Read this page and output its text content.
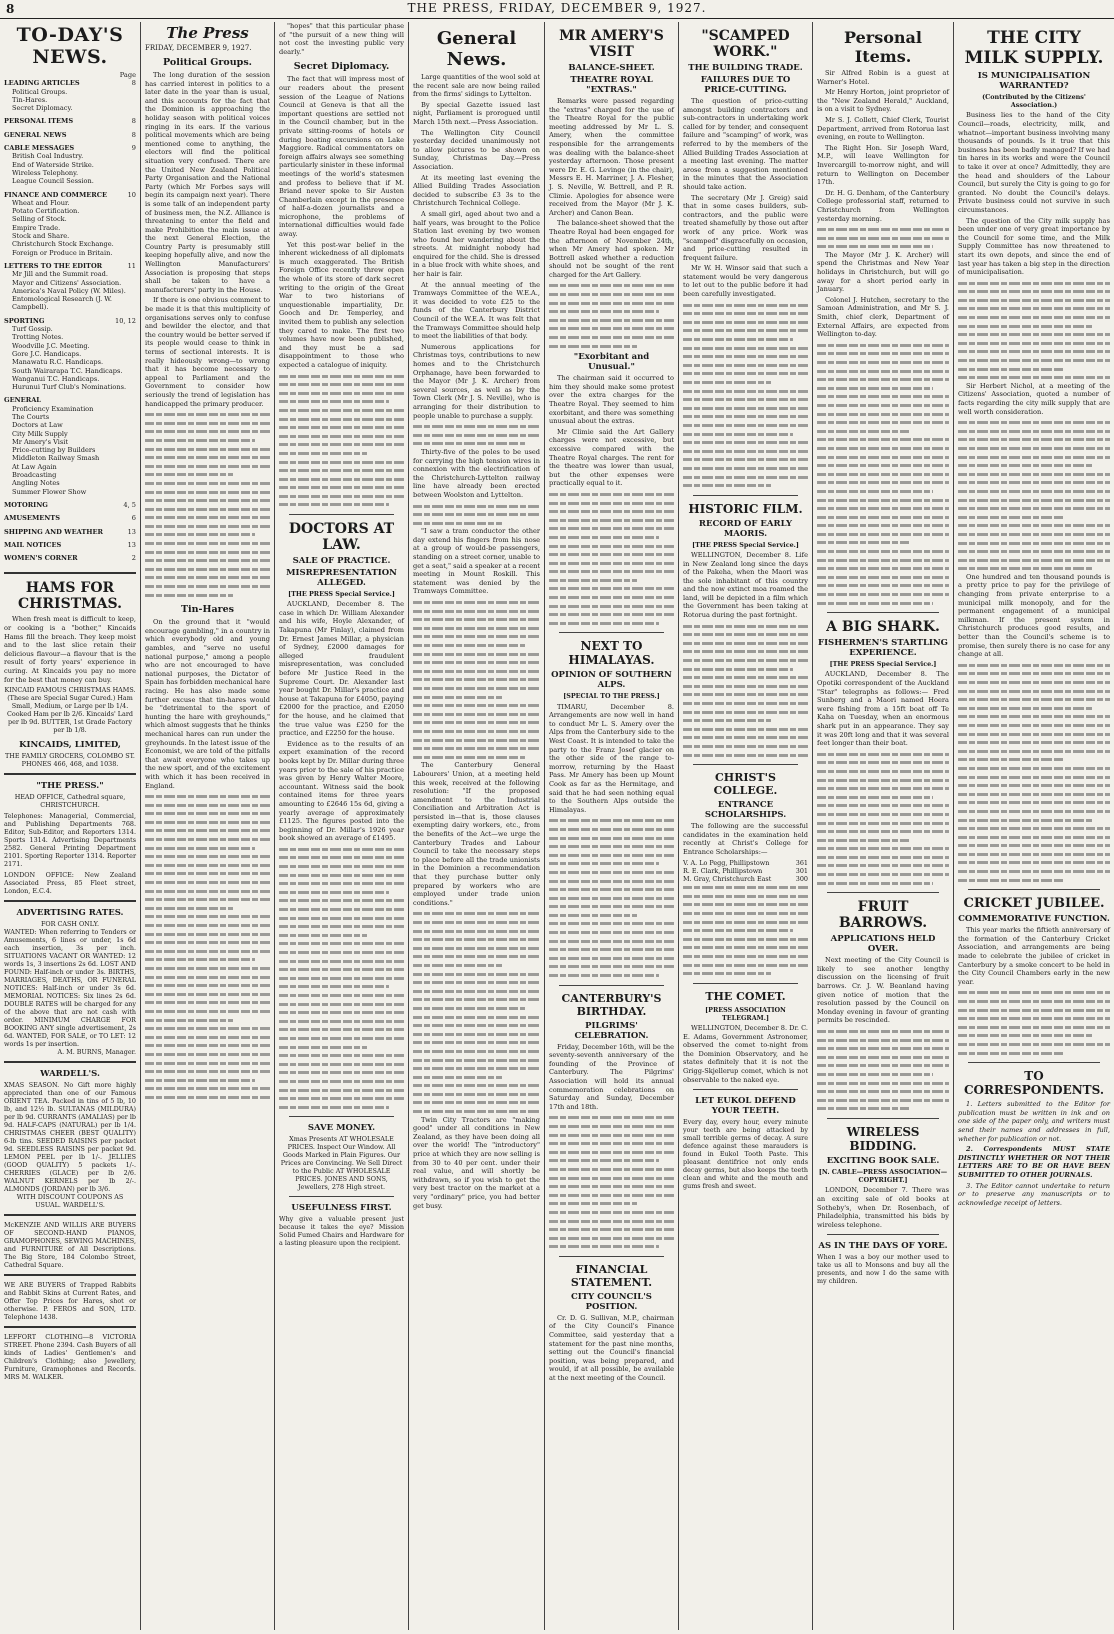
8	THE PRESS, FRIDAY, DECEMBER 9, 1927.
TO-DAY'S NEWS.
Page
LEADING ARTICLES	8
Political Groups.
Tin-Hares.
Secret Diplomacy.
PERSONAL ITEMS	8
GENERAL NEWS	8
CABLE MESSAGES	9
British Coal Industry.
End of Waterside Strike.
Wireless Telephony.
League Council Session.
FINANCE AND COMMERCE	10
Wheat and Flour.
Potato Certification.
Selling of Stock.
Empire Trade.
Stock and Share.
Christchurch Stock Exchange.
Foreign or Produce in Britain.
LETTERS TO THE EDITOR	11
Mr Jill and the Summit road.
Mayor and Citizens' Association.
America's Naval Policy (W. Miles).
Entomological Research (J. W. Campbell).
SPORTING	10, 12
Turf Gossip.
Trotting Notes.
Woodville J.C. Meeting.
Gore J.C. Handicaps.
Manawatu R.C. Handicaps.
South Wairarapa T.C. Handicaps.
Wanganui T.C. Handicaps.
Hurunui Turf Club's Nominations.
GENERAL
Proficiency Examination
The Courts
Doctors at Law
City Milk Supply
Mr Amery's Visit
Price-cutting by Builders
Middleton Railway Smash
At Law Again
Broadcasting
Angling Notes
Summer Flower Show
MOTORING	4, 5
AMUSEMENTS	6
SHIPPING AND WEATHER	13
MAIL NOTICES	13
WOMEN'S CORNER	2
HAMS FOR CHRISTMAS.
When fresh meat is difficult to keep, or cooking is a "bother," Kincaids Hams fill the breach. They keep moist and to the last slice retain their delicious flavour—a flavour that is the result of forty years' experience in curing. At Kincaids you pay no more for the best that money can buy.
KINCAID FAMOUS CHRISTMAS HAMS. (These are Special Sugar Cured.) Ham Small, Medium, or Large per lb 1/4. Cooked Ham per lb 2/6. Kincaids' Lard per lb 9d. BUTTER, 1st Grade Factory per lb 1/8.
KINCAIDS, LIMITED,
THE FAMILY GROCERS, COLOMBO ST. PHONES 466, 468, and 1038.
"THE PRESS."
HEAD OFFICE, Cathedral square, CHRISTCHURCH.
Telephones: Managerial, Commercial, and Publishing Departments 768. Editor, Sub-Editor, and Reporters 1314. Sports 1314. Advertising Departments 2582. General Printing Department 2101. Sporting Reporter 1314. Reporter 2171.
LONDON OFFICE: New Zealand Associated Press, 85 Fleet street, London, E.C.4.
ADVERTISING RATES.
FOR CASH ONLY.
WANTED: When referring to Tenders or Amusements, 6 lines or under, 1s 6d each insertion, 3s per inch. SITUATIONS VACANT OR WANTED: 12 words 1s, 3 insertions 2s 6d. LOST AND FOUND: Half-inch or under 3s. BIRTHS, MARRIAGES, DEATHS, OR FUNERAL NOTICES: Half-inch or under 3s 6d. MEMORIAL NOTICES: Six lines 2s 6d. DOUBLE RATES will be charged for any of the above that are not cash with order. MINIMUM CHARGE FOR BOOKING ANY single advertisement, 2s 6d. WANTED, FOR SALE, or TO LET: 12 words 1s per insertion.
A. M. BURNS, Manager.
WARDELL'S.
XMAS SEASON. No Gift more highly appreciated than one of our Famous ORIENT TEA. Packed in tins of 5 lb, 10 lb, and 12½ lb. SULTANAS (MILDURA) per lb 9d. CURRANTS (AMALIAS) per lb 9d. HALF-CAPS (NATURAL) per lb 1/4. CHRISTMAS CHEER (BEST QUALITY) 6-lb tins. SEEDED RAISINS per packet 9d. SEEDLESS RAISINS per packet 9d. LEMON PEEL per lb 1/-. JELLIES (GOOD QUALITY) 5 packets 1/-. CHERRIES (GLACE) per lb 2/6. WALNUT KERNELS per lb 2/-. ALMONDS (JORDAN) per lb 3/6.
WITH DISCOUNT COUPONS AS USUAL. WARDELL'S.
McKENZIE AND WILLIS ARE BUYERS OF SECOND-HAND PIANOS, GRAMOPHONES, SEWING MACHINES, and FURNITURE of All Descriptions. The Big Store, 184 Colombo Street, Cathedral Square.
WE ARE BUYERS of Trapped Rabbits and Rabbit Skins at Current Rates, and Offer Top Prices for Hares, shot or otherwise. P. FEROS and SON, LTD. Telephone 1438.
LEFFORT CLOTHING—8 VICTORIA STREET. Phone 2394. Cash Buyers of all kinds of Ladies' Gentlemen's and Children's Clothing; also Jewellery, Furniture, Gramophones and Records. MRS M. WALKER.
The Press
FRIDAY, DECEMBER 9, 1927.
Political Groups.
The long duration of the session has carried interest in politics to a later date in the year than is usual, and this accounts for the fact that the Dominion is approaching the holiday season with political voices ringing in its ears. If the various political movements which are being mentioned come to anything, the electors will find the political situation very confused. There are the United New Zealand Political Party Organisation and the National Party (which Mr Forbes says will begin its campaign next year). There is some talk of an independent party of business men, the N.Z. Alliance is threatening to enter the field and make Prohibition the main issue at the next General Election, the Country Party is presumably still keeping hopefully alive, and now the Wellington Manufacturers' Association is proposing that steps shall be taken to have a manufacturers' party in the House.
If there is one obvious comment to be made it is that this multiplicity of organisations serves only to confuse and bewilder the elector, and that the country would be better served if its people would cease to think in terms of sectional interests. It is really hideously wrong—to wrong that it has become necessary to appeal to Parliament and the Government to consider how seriously the trend of legislation has handicapped the primary producer.
Tin-Hares
On the ground that it "would encourage gambling," in a country in which everybody old and young gambles, and "serve no useful national purpose," among a people who are not encouraged to have national purposes, the Dictator of Spain has forbidden mechanical hare racing. He has also made some further excuse that tin-hares would be "detrimental to the sport of hunting the hare with greyhounds," which almost suggests that he thinks mechanical hares can run under the greyhounds. In the latest issue of the Economist, we are told of the pitfalls that await everyone who takes up the new sport, and of the excitement with which it has been received in England.
"hopes" that this particular phase of "the pursuit of a new thing will not cost the investing public very dearly."
Secret Diplomacy.
The fact that will impress most of our readers about the present session of the League of Nations Council at Geneva is that all the important questions are settled not in the Council chamber, but in the private sitting-rooms of hotels or during boating excursions on Lake Maggiore. Radical commentators on foreign affairs always see something particularly sinister in these informal meetings of the world's statesmen and profess to believe that if M. Briand never spoke to Sir Austen Chamberlain except in the presence of half-a-dozen journalists and a microphone, the problems of international difficulties would fade away.
Yet this post-war belief in the inherent wickedness of all diplomats is much exaggerated. The British Foreign Office recently threw open the whole of its store of dark secret writing to the origin of the Great War to two historians of unquestionable impartiality, Dr. Gooch and Dr. Temperley, and invited them to publish any selection they cared to make. The first two volumes have now been published, and they must be a sad disappointment to those who expected a catalogue of iniquity.
DOCTORS AT LAW.
SALE OF PRACTICE.
MISREPRESENTATION ALLEGED.
[THE PRESS Special Service.]
AUCKLAND, December 8. The case in which Dr. William Alexander and his wife, Hoyle Alexander, of Takapuna (Mr Finlay), claimed from Dr. Ernest James Millar, a physician of Sydney, £2000 damages for alleged fraudulent misrepresentation, was concluded before Mr Justice Reed in the Supreme Court. Dr. Alexander last year bought Dr. Millar's practice and house at Takapuna for £4050, paying £2000 for the practice, and £2050 for the house, and he claimed that the true value was £250 for the practice, and £2250 for the house.
Evidence as to the results of an expert examination of the record books kept by Dr. Millar during three years prior to the sale of his practice was given by Henry Walter Moore, accountant. Witness said the book contained items for three years amounting to £2646 15s 6d, giving a yearly average of approximately £1125. The figures posted into the beginning of Dr. Millar's 1926 year book showed an average of £1495.
SAVE MONEY.
Xmas Presents AT WHOLESALE PRICES. Inspect Our Window. All Goods Marked in Plain Figures. Our Prices are Convincing. We Sell Direct to the Public AT WHOLESALE PRICES. JONES AND SONS, Jewellers, 278 High street.
USEFULNESS FIRST.
Why give a valuable present just because it takes the eye? Mission Solid Fumed Chairs and Hardware for a lasting pleasure upon the recipient.
General News.
Large quantities of the wool sold at the recent sale are now being railed from the firms' sidings to Lyttelton.
By special Gazette issued last night, Parliament is prorogued until March 15th next.—Press Association.
The Wellington City Council yesterday decided unanimously not to allow pictures to be shown on Sunday, Christmas Day.—Press Association.
At its meeting last evening the Allied Building Trades Association decided to subscribe £3 3s to the Christchurch Technical College.
A small girl, aged about two and a half years, was brought to the Police Station last evening by two women who found her wandering about the streets. At midnight nobody had enquired for the child. She is dressed in a blue frock with white shoes, and her hair is fair.
At the annual meeting of the Tramways Committee of the W.E.A., it was decided to vote £25 to the funds of the Canterbury District Council of the W.E.A. It was felt that the Tramways Committee should help to meet the liabilities of that body.
Numerous applications for Christmas toys, contributions to new homes and to the Christchurch Orphanage, have been forwarded to the Mayor (Mr J. K. Archer) from several sources, as well as by the Town Clerk (Mr J. S. Neville), who is arranging for their distribution to people unable to purchase a supply.
Thirty-five of the poles to be used for carrying the high tension wires in connexion with the electrification of the Christchurch-Lyttelton railway line have already been erected between Woolston and Lyttelton.
"I saw a tram conductor the other day extend his fingers from his nose at a group of would-be passengers, standing on a street corner, unable to get a seat," said a speaker at a recent meeting in Mount Roskill. This statement was denied by the Tramways Committee.
The Canterbury General Labourers' Union, at a meeting held this week, received at the following resolution: "If the proposed amendment to the Industrial Conciliation and Arbitration Act is persisted in—that is, those clauses exempting dairy workers, etc., from the benefits of the Act—we urge the Canterbury Trades and Labour Council to take the necessary steps to place before all the trade unionists in the Dominion a recommendation that they purchase butter only prepared by workers who are employed under trade union conditions."
Twin City Tractors are "making good" under all conditions in New Zealand, as they have been doing all over the world! The "introductory" price at which they are now selling is from 30 to 40 per cent. under their real value, and will shortly be withdrawn, so if you wish to get the very best tractor on the market at a very "ordinary" price, you had better get busy.
MR AMERY'S VISIT
BALANCE-SHEET.
THEATRE ROYAL "EXTRAS."
Remarks were passed regarding the "extras" charged for the use of the Theatre Royal for the public meeting addressed by Mr L. S. Amery, when the committee responsible for the arrangements was dealing with the balance-sheet yesterday afternoon. Those present were Dr. E. G. Levinge (in the chair), Messrs E. H. Marriner, J. A. Flesher, J. S. Neville, W. Bettrell, and P. R. Climie. Apologies for absence were received from the Mayor (Mr J. K. Archer) and Canon Bean.
The balance-sheet showed that the Theatre Royal had been engaged for the afternoon of November 24th, when Mr Amery had spoken. Mr Bottrell asked whether a reduction should not be sought of the rent charged for the Art Gallery.
"Exorbitant and Unusual."
The chairman said it occurred to him they should make some protest over the extra charges for the Theatre Royal. They seemed to him exorbitant, and there was something unusual about the extras.
Mr Climie said the Art Gallery charges were not excessive, but excessive compared with the Theatre Royal charges. The rent for the theatre was lower than usual, but the other expenses were practically equal to it.
NEXT TO HIMALAYAS.
OPINION OF SOUTHERN ALPS.
[SPECIAL TO THE PRESS.]
TIMARU, December 8. Arrangements are now well in hand to conduct Mr L. S. Amery over the Alps from the Canterbury side to the West Coast. It is intended to take the party to the Franz Josef glacier on the other side of the range to-morrow, returning by the Haast Pass. Mr Amery has been up Mount Cook as far as the Hermitage, and said that he had seen nothing equal to the Southern Alps outside the Himalayas.
CANTERBURY'S BIRTHDAY.
PILGRIMS' CELEBRATION.
Friday, December 16th, will be the seventy-seventh anniversary of the founding of the Province of Canterbury. The Pilgrims' Association will hold its annual commemoration celebrations on Saturday and Sunday, December 17th and 18th.
FINANCIAL STATEMENT.
CITY COUNCIL'S POSITION.
Cr. D. G. Sullivan, M.P., chairman of the City Council's Finance Committee, said yesterday that a statement for the past nine months, setting out the Council's financial position, was being prepared, and would, if at all possible, be available at the next meeting of the Council.
"SCAMPED WORK."
THE BUILDING TRADE.
FAILURES DUE TO PRICE-CUTTING.
The question of price-cutting amongst building contractors and sub-contractors in undertaking work called for by tender, and consequent failure and "scamping" of work, was referred to by the members of the Allied Building Trades Association at a meeting last evening. The matter arose from a suggestion mentioned in the minutes that the Association should take action.
The secretary (Mr J. Greig) said that in some cases builders, sub-contractors, and the public were treated shamefully by those out after work of any price. Work was "scamped" disgracefully on occasion, and price-cutting resulted in frequent failure.
Mr W. H. Winsor said that such a statement would be very dangerous to let out to the public before it had been carefully investigated.
HISTORIC FILM.
RECORD OF EARLY MAORIS.
[THE PRESS Special Service.]
WELLINGTON, December 8. Life in New Zealand long since the days of the Pakeha, when the Maori was the sole inhabitant of this country and the now extinct moa roamed the land, will be depicted in a film which the Government has been taking at Rotorua during the past fortnight.
CHRIST'S COLLEGE.
ENTRANCE SCHOLARSHIPS.
The following are the successful candidates in the examination held recently at Christ's College for Entrance Scholarships:—
V. A. Lo Pegg, Phillipstown	361
R. E. Clark, Phillipstown	301
M. Gray, Christchurch East	300
THE COMET.
[PRESS ASSOCIATION TELEGRAM.]
WELLINGTON, December 8. Dr. C. E. Adams, Government Astronomer, observed the comet to-night from the Dominion Observatory, and he states definitely that it is not the Grigg-Skjellerup comet, which is not observable to the naked eye.
LET EUKOL DEFEND YOUR TEETH.
Every day, every hour, every minute your teeth are being attacked by small terrible germs of decay. A sure defence against these marauders is found in Eukol Tooth Paste. This pleasant dentifrice not only ends decay germs, but also keeps the teeth clean and white and the mouth and gums fresh and sweet.
Personal Items.
Sir Alfred Robin is a guest at Warner's Hotel.
Mr Henry Horton, joint proprietor of the "New Zealand Herald," Auckland, is on a visit to Sydney.
Mr S. J. Collett, Chief Clerk, Tourist Department, arrived from Rotorua last evening, en route to Wellington.
The Right Hon. Sir Joseph Ward, M.P., will leave Wellington for Invercargill to-morrow night, and will return to Wellington on December 17th.
Dr. H. G. Denham, of the Canterbury College professorial staff, returned to Christchurch from Wellington yesterday morning.
The Mayor (Mr J. K. Archer) will spend the Christmas and New Year holidays in Christchurch, but will go away for a short period early in January.
Colonel J. Hutchen, secretary to the Samoan Administration, and Mr S. J. Smith, chief clerk, Department of External Affairs, are expected from Wellington to-day.
A BIG SHARK.
FISHERMEN'S STARTLING EXPERIENCE.
[THE PRESS Special Service.]
AUCKLAND, December 8. The Opotiki correspondent of the Auckland "Star" telegraphs as follows:— Fred Sunberg and a Maori named Hoera were fishing from a 15ft boat off Te Kaha on Tuesday, when an enormous shark put in an appearance. They say it was 20ft long and that it was several feet longer than their boat.
FRUIT BARROWS.
APPLICATIONS HELD OVER.
Next meeting of the City Council is likely to see another lengthy discussion on the licensing of fruit barrows. Cr. J. W. Beanland having given notice of motion that the resolution passed by the Council on Monday evening in favour of granting permits be rescinded.
WIRELESS BIDDING.
EXCITING BOOK SALE.
[N. CABLE—PRESS ASSOCIATION—COPYRIGHT.]
LONDON, December 7. There was an exciting sale of old books at Sotheby's, when Dr. Rosenbach, of Philadelphia, transmitted his bids by wireless telephone.
AS IN THE DAYS OF YORE.
When I was a boy our mother used to take us all to Monsons and buy all the presents, and now I do the same with my children.
THE CITY MILK SUPPLY.
IS MUNICIPALISATION WARRANTED?
(Contributed by the Citizens' Association.)
Business lies to the hand of the City Council—roads, electricity, milk, and whatnot—important business involving many thousands of pounds. Is it true that this business has been badly managed? If we had tin hares in its works and were the Council to take it over at once? Admittedly, they are the head and shoulders of the Labour Council, but surely the City is going to go for granted. No doubt the Council's delays. Private business could not survive in such circumstances.
The question of the City milk supply has been under one of very great importance by the Council for some time, and the Milk Supply Committee has now threatened to start its own depots, and since the end of last year has taken a big step in the direction of municipalisation.
Sir Herbert Nichol, at a meeting of the Citizens' Association, quoted a number of facts regarding the city milk supply that are well worth consideration.
One hundred and ten thousand pounds is a pretty price to pay for the privilege of changing from private enterprise to a municipal milk monopoly, and for the permanent engagement of a municipal milkman. If the present system in Christchurch produces good results, and better than the Council's scheme is to promise, then surely there is no case for any change at all.
CRICKET JUBILEE.
COMMEMORATIVE FUNCTION.
This year marks the fiftieth anniversary of the formation of the Canterbury Cricket Association, and arrangements are being made to celebrate the jubilee of cricket in Canterbury by a smoke concert to be held in the City Council Chambers early in the new year.
TO CORRESPONDENTS.
1. Letters submitted to the Editor for publication must be written in ink and on one side of the paper only, and writers must send their names and addresses in full, whether for publication or not.
2. Correspondents MUST STATE DISTINCTLY WHETHER OR NOT THEIR LETTERS ARE TO BE OR HAVE BEEN SUBMITTED TO OTHER JOURNALS.
3. The Editor cannot undertake to return or to preserve any manuscripts or to acknowledge receipt of letters.
